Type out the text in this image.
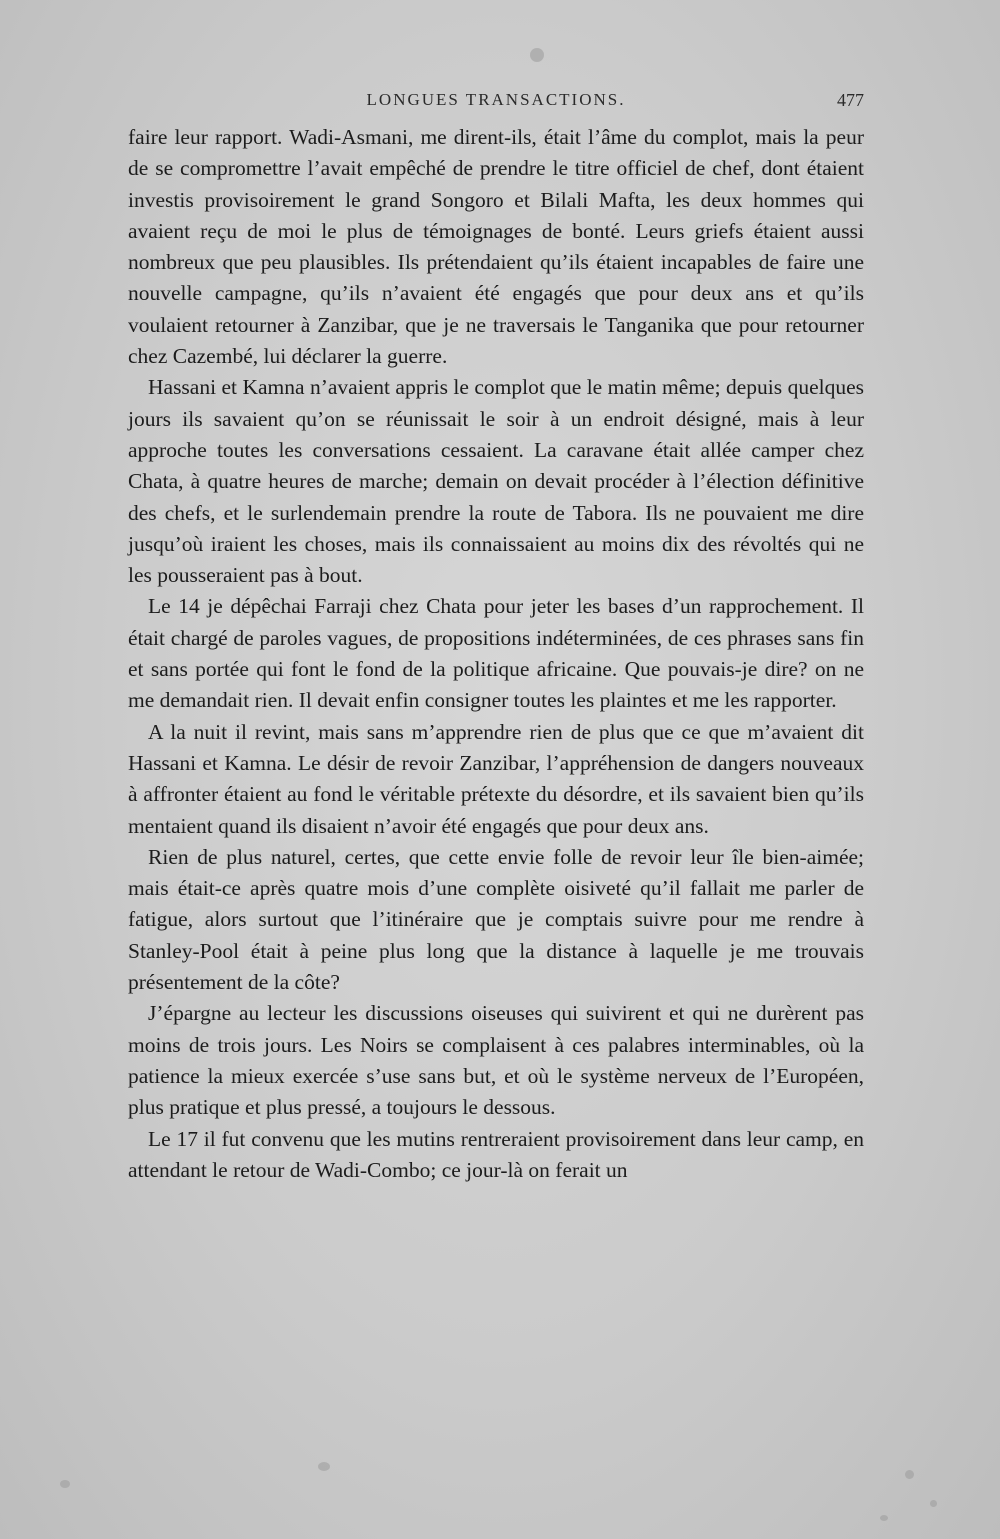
LONGUES TRANSACTIONS.	477

faire leur rapport. Wadi-Asmani, me dirent-ils, était l’âme du complot, mais la peur de se compromettre l’avait empêché de prendre le titre officiel de chef, dont étaient investis provisoirement le grand Songoro et Bilali Mafta, les deux hommes qui avaient reçu de moi le plus de témoignages de bonté. Leurs griefs étaient aussi nombreux que peu plausibles. Ils prétendaient qu’ils étaient incapables de faire une nouvelle campagne, qu’ils n’avaient été engagés que pour deux ans et qu’ils voulaient retourner à Zanzibar, que je ne traversais le Tanganika que pour retourner chez Cazembé, lui déclarer la guerre.

Hassani et Kamna n’avaient appris le complot que le matin même; depuis quelques jours ils savaient qu’on se réunissait le soir à un endroit désigné, mais à leur approche toutes les conversations cessaient. La caravane était allée camper chez Chata, à quatre heures de marche; demain on devait procéder à l’élection définitive des chefs, et le surlendemain prendre la route de Tabora. Ils ne pouvaient me dire jusqu’où iraient les choses, mais ils connaissaient au moins dix des révoltés qui ne les pousseraient pas à bout.

Le 14 je dépêchai Farraji chez Chata pour jeter les bases d’un rapprochement. Il était chargé de paroles vagues, de propositions indéterminées, de ces phrases sans fin et sans portée qui font le fond de la politique africaine. Que pouvais-je dire? on ne me demandait rien. Il devait enfin consigner toutes les plaintes et me les rapporter.

A la nuit il revint, mais sans m’apprendre rien de plus que ce que m’avaient dit Hassani et Kamna. Le désir de revoir Zanzibar, l’appréhension de dangers nouveaux à affronter étaient au fond le véritable prétexte du désordre, et ils savaient bien qu’ils mentaient quand ils disaient n’avoir été engagés que pour deux ans.

Rien de plus naturel, certes, que cette envie folle de revoir leur île bien-aimée; mais était-ce après quatre mois d’une complète oisiveté qu’il fallait me parler de fatigue, alors surtout que l’itinéraire que je comptais suivre pour me rendre à Stanley-Pool était à peine plus long que la distance à laquelle je me trouvais présentement de la côte?

J’épargne au lecteur les discussions oiseuses qui suivirent et qui ne durèrent pas moins de trois jours. Les Noirs se complaisent à ces palabres interminables, où la patience la mieux exercée s’use sans but, et où le système nerveux de l’Européen, plus pratique et plus pressé, a toujours le dessous.

Le 17 il fut convenu que les mutins rentreraient provisoirement dans leur camp, en attendant le retour de Wadi-Combo; ce jour-là on ferait un
